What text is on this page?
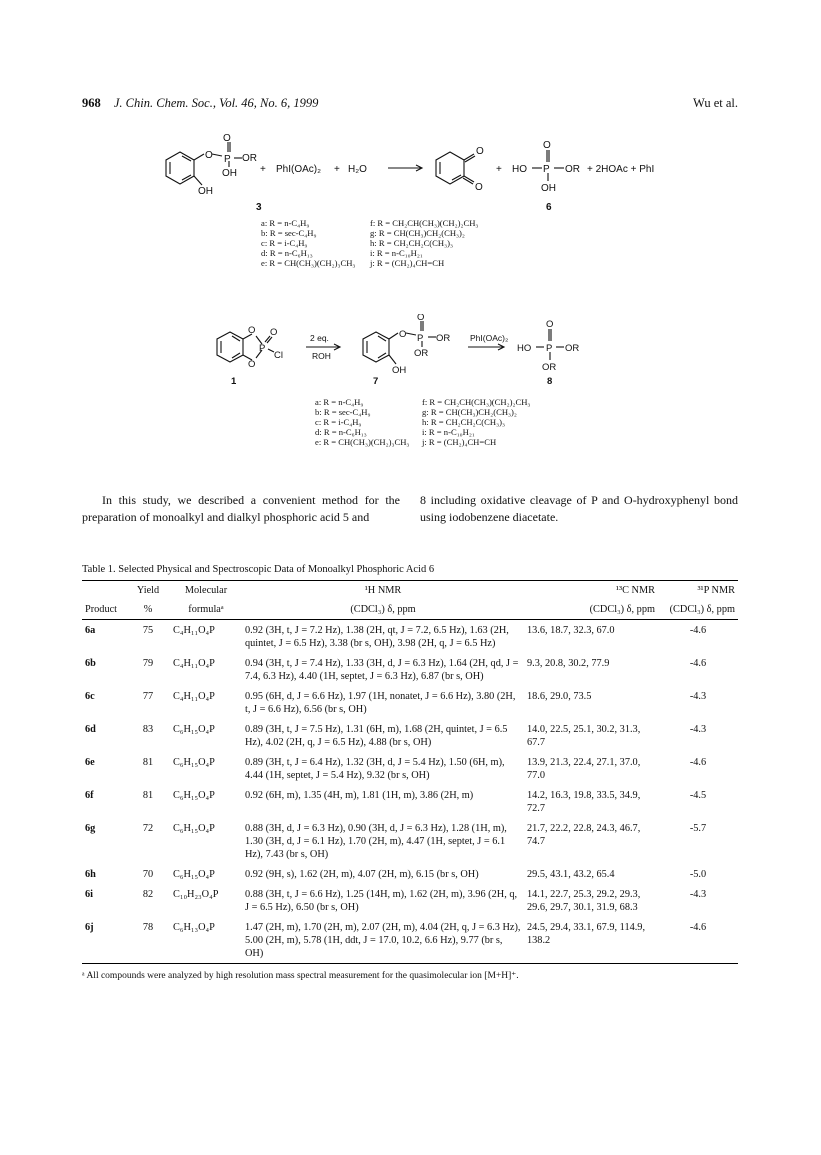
968 J. Chin. Chem. Soc., Vol. 46, No. 6, 1999	Wu et al.
O
O P OR
OH
OH
+ PhI(OAc)₂ + H₂O
O
O
+ HO
O
P OR
OH
+ 2HOAc + PhI
3	6
a: R = n-C₄H₉
b: R = sec-C₄H₉
c: R = i-C₄H₉
d: R = n-C₆H₁₃
e: R = CH(CH₃)(CH₂)₃CH₃
f: R = CH₂CH(CH₃)(CH₂)₂CH₃
g: R = CH(CH₃)CH₂(CH₃)₂
h: R = CH₂CH₂C(CH₃)₃
i: R = n-C₁₀H₂₁
j: R = (CH₂)₄CH=CH
O
O
P
O
Cl
2 eq.
ROH
O
O
P OR
OR
OH
PhI(OAc)₂
HO
O
P OR
OR
1	7	8
a: R = n-C₄H₉
b: R = sec-C₄H₉
c: R = i-C₄H₉
d: R = n-C₆H₁₃
e: R = CH(CH₃)(CH₂)₃CH₃
f: R = CH₂CH(CH₃)(CH₂)₂CH₃
g: R = CH(CH₃)CH₂(CH₃)₂
h: R = CH₂CH₂C(CH₃)₃
i: R = n-C₁₀H₂₁
j: R = (CH₂)₄CH=CH
In this study, we described a convenient method for the preparation of monoalkyl and dialkyl phosphoric acid 5 and
8 including oxidative cleavage of P and O-hydroxyphenyl bond using iodobenzene diacetate.
Table 1. Selected Physical and Spectroscopic Data of Monoalkyl Phosphoric Acid 6
	Yield	Molecular	¹H NMR	¹³C NMR	³¹P NMR
Product	%	formulaᵃ	(CDCl₃) δ, ppm	(CDCl₃) δ, ppm	(CDCl₃) δ, ppm
6a	75	C₄H₁₁O₄P	0.92 (3H, t, J = 7.2 Hz), 1.38 (2H, qt, J = 7.2, 6.5 Hz), 1.63 (2H, quintet, J = 6.5 Hz), 3.38 (br s, OH), 3.98 (2H, q, J = 6.5 Hz)	13.6, 18.7, 32.3, 67.0	-4.6
6b	79	C₄H₁₁O₄P	0.94 (3H, t, J = 7.4 Hz), 1.33 (3H, d, J = 6.3 Hz), 1.64 (2H, qd, J = 7.4, 6.3 Hz), 4.40 (1H, septet, J = 6.3 Hz), 6.87 (br s, OH)	9.3, 20.8, 30.2, 77.9	-4.6
6c	77	C₄H₁₁O₄P	0.95 (6H, d, J = 6.6 Hz), 1.97 (1H, nonatet, J = 6.6 Hz), 3.80 (2H, t, J = 6.6 Hz), 6.56 (br s, OH)	18.6, 29.0, 73.5	-4.3
6d	83	C₆H₁₅O₄P	0.89 (3H, t, J = 7.5 Hz), 1.31 (6H, m), 1.68 (2H, quintet, J = 6.5 Hz), 4.02 (2H, q, J = 6.5 Hz), 4.88 (br s, OH)	14.0, 22.5, 25.1, 30.2, 31.3, 67.7	-4.3
6e	81	C₆H₁₅O₄P	0.89 (3H, t, J = 6.4 Hz), 1.32 (3H, d, J = 5.4 Hz), 1.50 (6H, m), 4.44 (1H, septet, J = 5.4 Hz), 9.32 (br s, OH)	13.9, 21.3, 22.4, 27.1, 37.0, 77.0	-4.6
6f	81	C₆H₁₅O₄P	0.92 (6H, m), 1.35 (4H, m), 1.81 (1H, m), 3.86 (2H, m)	14.2, 16.3, 19.8, 33.5, 34.9, 72.7	-4.5
6g	72	C₆H₁₅O₄P	0.88 (3H, d, J = 6.3 Hz), 0.90 (3H, d, J = 6.3 Hz), 1.28 (1H, m), 1.30 (3H, d, J = 6.1 Hz), 1.70 (2H, m), 4.47 (1H, septet, J = 6.1 Hz), 7.43 (br s, OH)	21.7, 22.2, 22.8, 24.3, 46.7, 74.7	-5.7
6h	70	C₆H₁₅O₄P	0.92 (9H, s), 1.62 (2H, m), 4.07 (2H, m), 6.15 (br s, OH)	29.5, 43.1, 43.2, 65.4	-5.0
6i	82	C₁₀H₂₃O₄P	0.88 (3H, t, J = 6.6 Hz), 1.25 (14H, m), 1.62 (2H, m), 3.96 (2H, q, J = 6.5 Hz), 6.50 (br s, OH)	14.1, 22.7, 25.3, 29.2, 29.3, 29.6, 29.7, 30.1, 31.9, 68.3	-4.3
6j	78	C₆H₁₃O₄P	1.47 (2H, m), 1.70 (2H, m), 2.07 (2H, m), 4.04 (2H, q, J = 6.3 Hz), 5.00 (2H, m), 5.78 (1H, ddt, J = 17.0, 10.2, 6.6 Hz), 9.77 (br s, OH)	24.5, 29.4, 33.1, 67.9, 114.9, 138.2	-4.6
ᵃ All compounds were analyzed by high resolution mass spectral measurement for the quasimolecular ion [M+H]⁺.
